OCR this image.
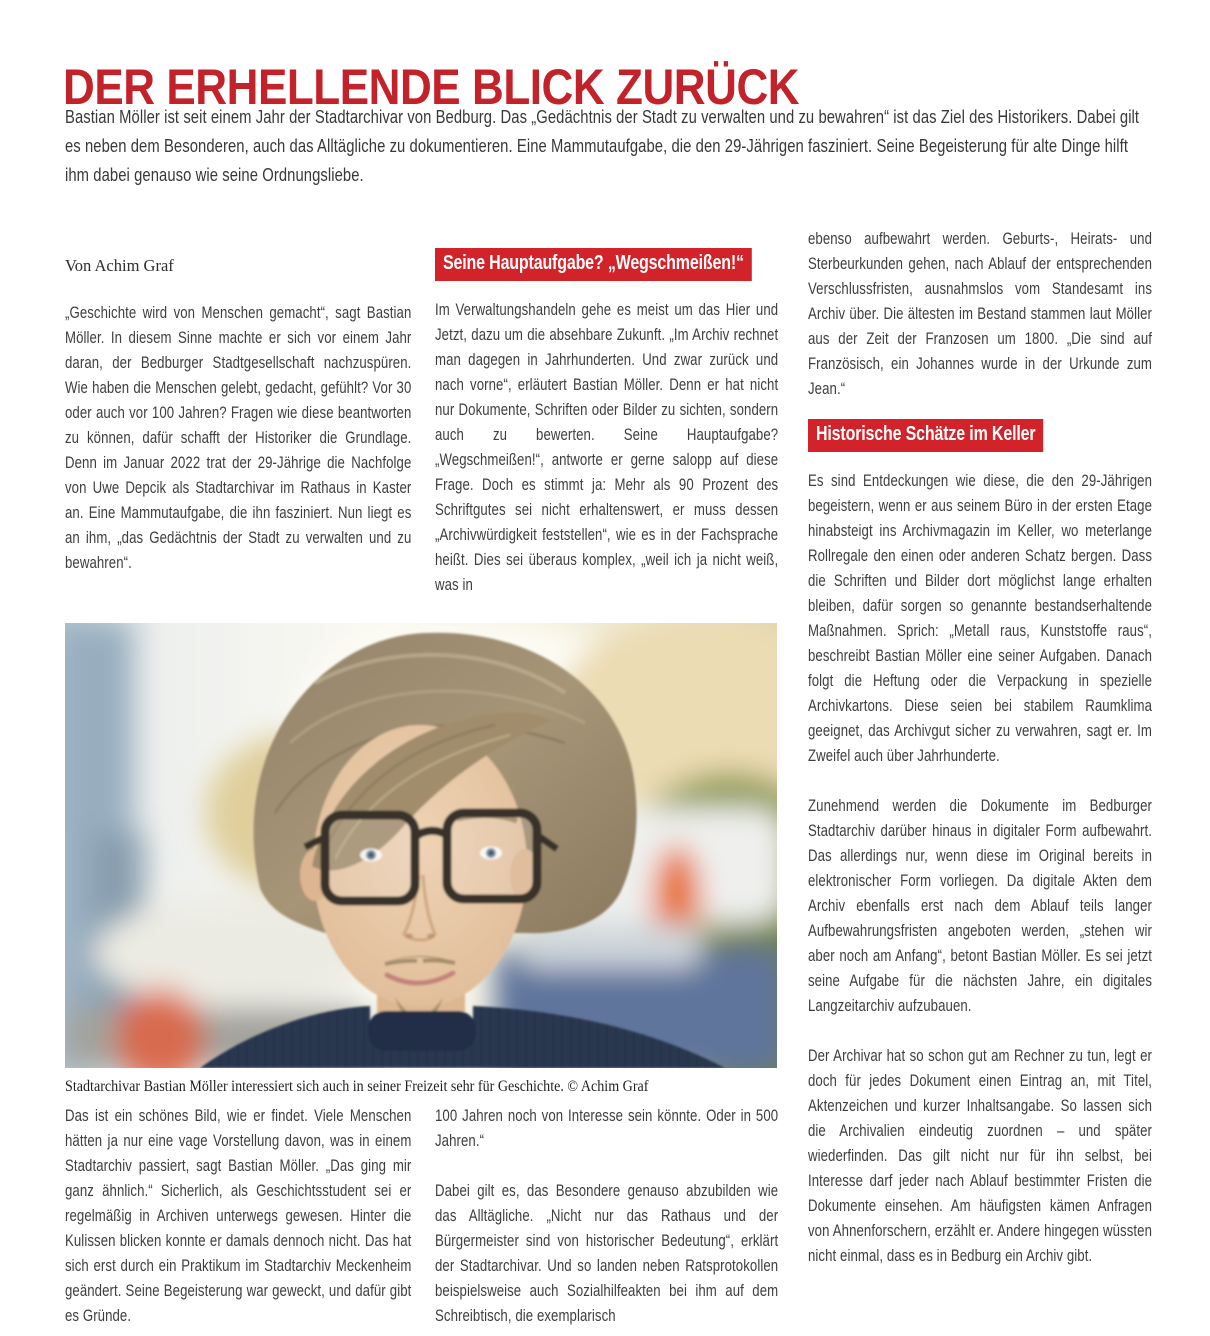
DER ERHELLENDE BLICK ZURÜCK
Bastian Möller ist seit einem Jahr der Stadtarchivar von Bedburg. Das „Gedächtnis der Stadt zu verwalten und zu bewahren“ ist das Ziel des Historikers. Dabei gilt es neben dem Besonderen, auch das Alltägliche zu dokumentieren. Eine Mammutaufgabe, die den 29-Jährigen fasziniert. Seine Begeisterung für alte Dinge hilft ihm dabei genauso wie seine Ordnungsliebe.
Von Achim Graf

„Geschichte wird von Menschen gemacht“, sagt Bastian Möller. In diesem Sinne machte er sich vor einem Jahr daran, der Bedburger Stadtgesellschaft nachzuspüren. Wie haben die Menschen gelebt, gedacht, gefühlt? Vor 30 oder auch vor 100 Jahren? Fragen wie diese beantworten zu können, dafür schafft der Historiker die Grundlage. Denn im Januar 2022 trat der 29-Jährige die Nachfolge von Uwe Depcik als Stadtarchivar im Rathaus in Kaster an. Eine Mammutaufgabe, die ihn fasziniert. Nun liegt es an ihm, „das Gedächtnis der Stadt zu verwalten und zu bewahren“.

Seine Hauptaufgabe? „Wegschmeißen!“

Im Verwaltungshandeln gehe es meist um das Hier und Jetzt, dazu um die absehbare Zukunft. „Im Archiv rechnet man dagegen in Jahrhunderten. Und zwar zurück und nach vorne“, erläutert Bastian Möller. Denn er hat nicht nur Dokumente, Schriften oder Bilder zu sichten, sondern auch zu bewerten. Seine Hauptaufgabe? „Wegschmeißen!“, antworte er gerne salopp auf diese Frage. Doch es stimmt ja: Mehr als 90 Prozent des Schriftgutes sei nicht erhaltenswert, er muss dessen „Archivwürdigkeit feststellen“, wie es in der Fachsprache heißt. Dies sei überaus komplex, „weil ich ja nicht weiß, was in

ebenso aufbewahrt werden. Geburts-, Heirats- und Sterbeurkunden gehen, nach Ablauf der entsprechenden Verschlussfristen, ausnahmslos vom Standesamt ins Archiv über. Die ältesten im Bestand stammen laut Möller aus der Zeit der Franzosen um 1800. „Die sind auf Französisch, ein Johannes wurde in der Urkunde zum Jean.“

Historische Schätze im Keller

Es sind Entdeckungen wie diese, die den 29-Jährigen begeistern, wenn er aus seinem Büro in der ersten Etage hinabsteigt ins Archivmagazin im Keller, wo meterlange Rollregale den einen oder anderen Schatz bergen. Dass die Schriften und Bilder dort möglichst lange erhalten bleiben, dafür sorgen so genannte bestandserhaltende Maßnahmen. Sprich: „Metall raus, Kunststoffe raus“, beschreibt Bastian Möller eine seiner Aufgaben. Danach folgt die Heftung oder die Verpackung in spezielle Archivkartons. Diese seien bei stabilem Raumklima geeignet, das Archivgut sicher zu verwahren, sagt er. Im Zweifel auch über Jahrhunderte.

Zunehmend werden die Dokumente im Bedburger Stadtarchiv darüber hinaus in digitaler Form aufbewahrt. Das allerdings nur, wenn diese im Original bereits in elektronischer Form vorliegen. Da digitale Akten dem Archiv ebenfalls erst nach dem Ablauf teils langer Aufbewahrungsfristen angeboten werden, „stehen wir aber noch am Anfang“, betont Bastian Möller. Es sei jetzt seine Aufgabe für die nächsten Jahre, ein digitales Langzeitarchiv aufzubauen.

Der Archivar hat so schon gut am Rechner zu tun, legt er doch für jedes Dokument einen Eintrag an, mit Titel, Aktenzeichen und kurzer Inhaltsangabe. So lassen sich die Archivalien eindeutig zuordnen – und später wiederfinden. Das gilt nicht nur für ihn selbst, bei Interesse darf jeder nach Ablauf bestimmter Fristen die Dokumente einsehen. Am häufigsten kämen Anfragen von Ahnenforschern, erzählt er. Andere hingegen wüssten nicht einmal, dass es in Bedburg ein Archiv gibt.

Stadtarchivar Bastian Möller interessiert sich auch in seiner Freizeit sehr für Geschichte. © Achim Graf

Das ist ein schönes Bild, wie er findet. Viele Menschen hätten ja nur eine vage Vorstellung davon, was in einem Stadtarchiv passiert, sagt Bastian Möller. „Das ging mir ganz ähnlich.“ Sicherlich, als Geschichtsstudent sei er regelmäßig in Archiven unterwegs gewesen. Hinter die Kulissen blicken konnte er damals dennoch nicht. Das hat sich erst durch ein Praktikum im Stadtarchiv Meckenheim geändert. Seine Begeisterung war geweckt, und dafür gibt es Gründe.

100 Jahren noch von Interesse sein könnte. Oder in 500 Jahren.“

Dabei gilt es, das Besondere genauso abzubilden wie das Alltägliche. „Nicht nur das Rathaus und der Bürgermeister sind von historischer Bedeutung“, erklärt der Stadtarchivar. Und so landen neben Ratsprotokollen beispielsweise auch Sozialhilfeakten bei ihm auf dem Schreibtisch, die exemplarisch
